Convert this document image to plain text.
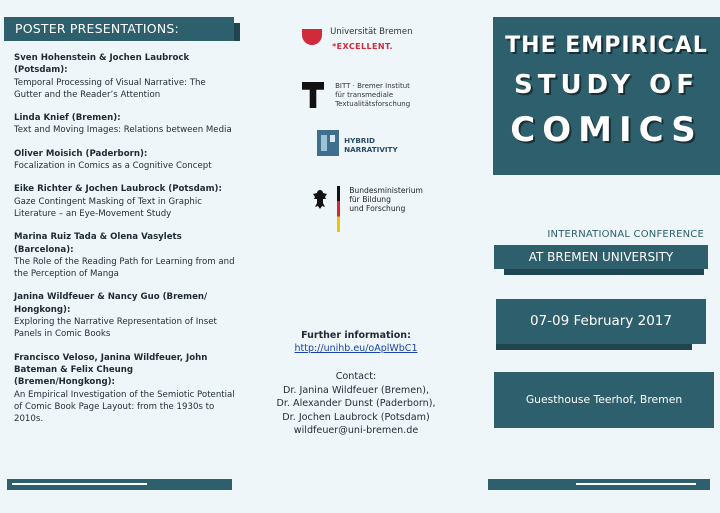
POSTER PRESENTATIONS:
Sven Hohenstein & Jochen Laubrock (Potsdam):
Temporal Processing of Visual Narrative: The Gutter and the Reader’s Attention
Linda Knief (Bremen):
Text and Moving Images: Relations between Media
Oliver Moisich (Paderborn):
Focalization in Comics as a Cognitive Concept
Eike Richter & Jochen Laubrock (Potsdam):
Gaze Contingent Masking of Text in Graphic Literature – an Eye-Movement Study
Marina Ruiz Tada & Olena Vasylets (Barcelona):
The Role of the Reading Path for Learning from and the Perception of Manga
Janina Wildfeuer & Nancy Guo (Bremen/ Hongkong):
Exploring the Narrative Representation of Inset Panels in Comic Books
Francisco Veloso, Janina Wildfeuer, John Bateman & Felix Cheung (Bremen/Hongkong):
An Empirical Investigation of the Semiotic Potential of Comic Book Page Layout: from the 1930s to 2010s.
Universität Bremen
*EXCELLENT.
BITT · Bremer Institut
für transmediale
Textualitätsforschung
HYBRID
NARRATIVITY
Bundesministerium
für Bildung
und Forschung
Further information:
http://unihb.eu/oAplWbC1
Contact:
Dr. Janina Wildfeuer (Bremen),
Dr. Alexander Dunst (Paderborn),
Dr. Jochen Laubrock (Potsdam)
wildfeuer@uni-bremen.de
THE EMPIRICAL
STUDY OF
COMICS
INTERNATIONAL CONFERENCE
AT BREMEN UNIVERSITY
07-09 February 2017
Guesthouse Teerhof, Bremen
